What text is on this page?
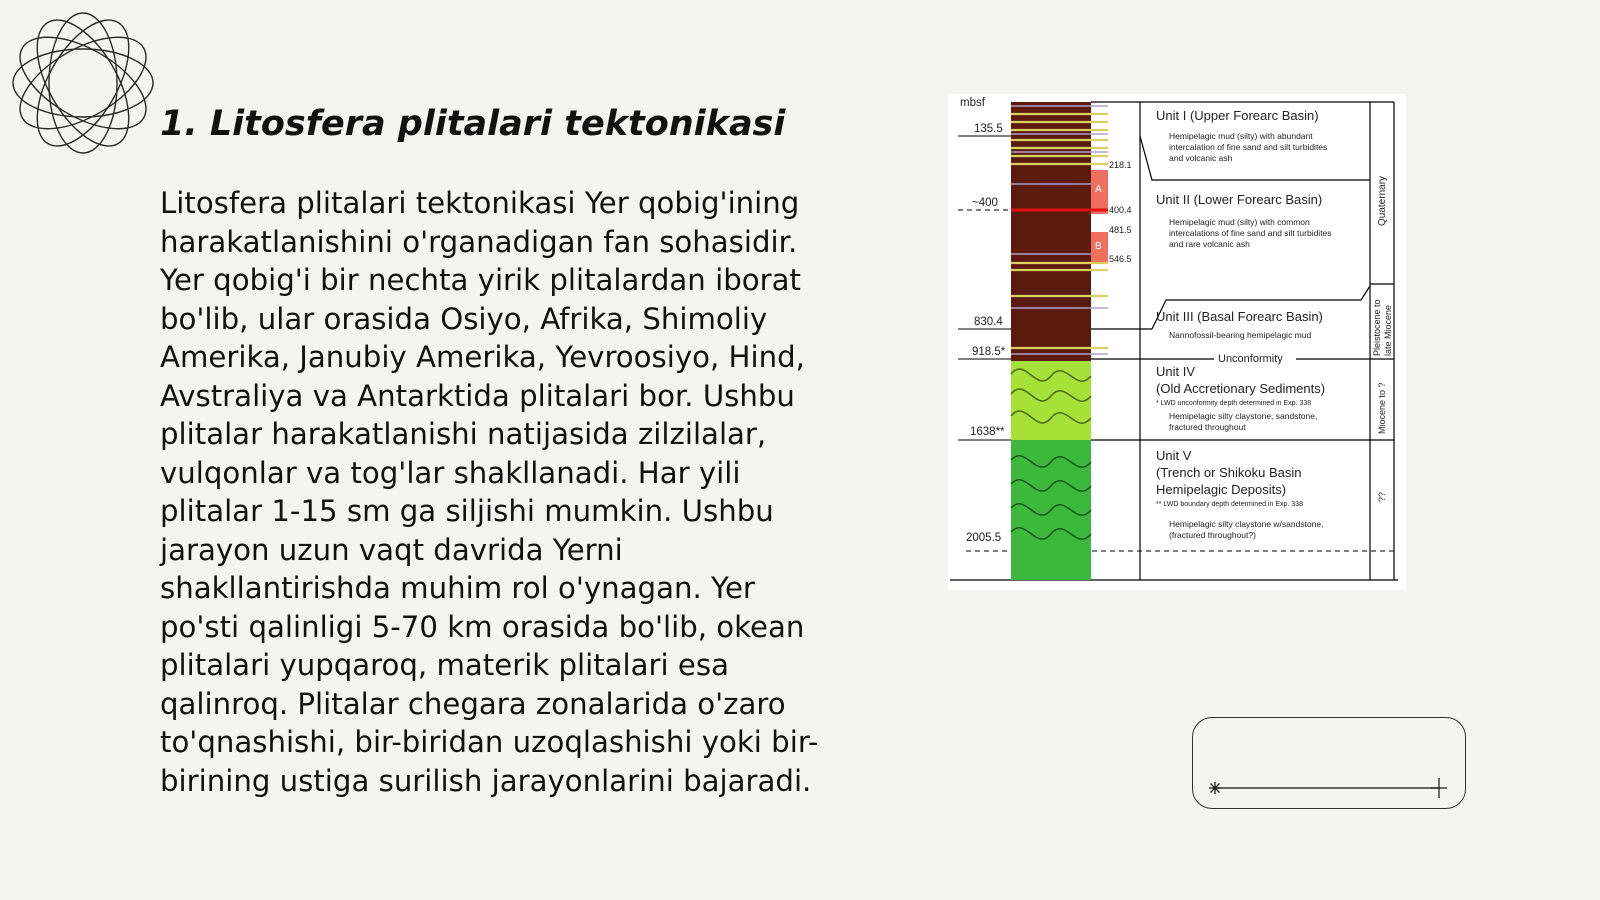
1. Litosfera plitalari tektonikasi

Litosfera plitalari tektonikasi Yer qobig'ining
harakatlanishini o'rganadigan fan sohasidir.
Yer qobig'i bir nechta yirik plitalardan iborat
bo'lib, ular orasida Osiyo, Afrika, Shimoliy
Amerika, Janubiy Amerika, Yevroosiyo, Hind,
Avstraliya va Antarktida plitalari bor. Ushbu
plitalar harakatlanishi natijasida zilzilalar,
vulqonlar va tog'lar shakllanadi. Har yili
plitalar 1-15 sm ga siljishi mumkin. Ushbu
jarayon uzun vaqt davrida Yerni
shakllantirishda muhim rol o'ynagan. Yer
po'sti qalinligi 5-70 km orasida bo'lib, okean
plitalari yupqaroq, materik plitalari esa
qalinroq. Plitalar chegara zonalarida o'zaro
to'qnashishi, bir-biridan uzoqlashishi yoki bir-
birining ustiga surilish jarayonlarini bajaradi.

mbsf
135.5
~400
830.4
918.5*
1638**
2005.5
218.1
400.4
481.5
546.5
A
B
Unit I (Upper Forearc Basin)
Hemipelagic mud (silty) with abundant
intercalation of fine sand and silt turbidites
and volcanic ash
Unit II (Lower Forearc Basin)
Hemipelagic mud (silty) with common
intercalations of fine sand and silt turbidites
and rare volcanic ash
Unit III (Basal Forearc Basin)
Nannofossil-bearing hemipelagic mud
Unconformity
Unit IV
(Old Accretionary Sediments)
* LWD unconformity depth determined in Exp. 338
Hemipelagic silty claystone, sandstone,
fractured throughout
Unit V
(Trench or Shikoku Basin
Hemipelagic Deposits)
** LWD boundary depth determined in Exp. 338
Hemipelagic silty claystone w/sandstone,
(fractured throughout?)
Quaternary
Pleistocene to late Miocene
Miocene to ?
??
